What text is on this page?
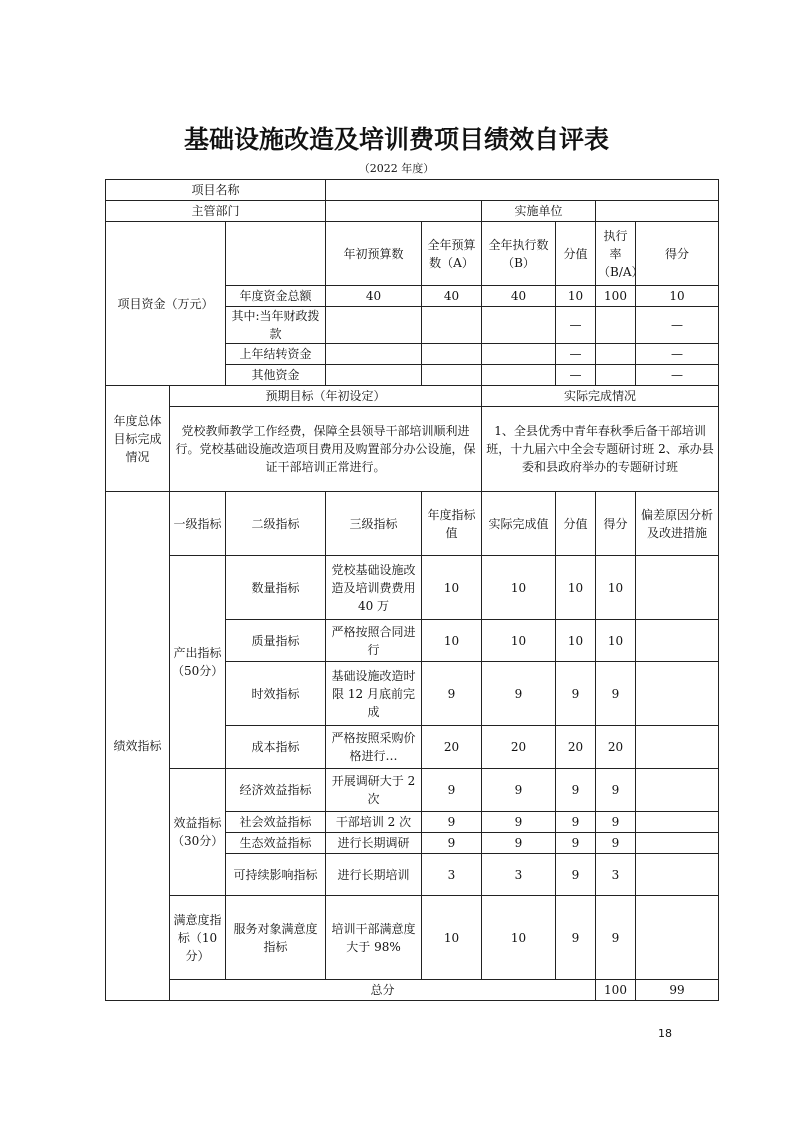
基础设施改造及培训费项目绩效自评表
（2022 年度）
项目名称									
主管部门					实施单位				
项目资金（万元）			年初预算数	全年预算数（A）	全年执行数（B）	分值	执行率（B/A）	得分	
		年度资金总额	40	40	40	10	100	10	
		其中:当年财政拨款				—		—	
		上年结转资金				—		—	
		其他资金				—		—	
年度总体目标完成情况	预期目标（年初设定）				实际完成情况				
	党校教师教学工作经费，保障全县领导干部培训顺利进行。党校基础设施改造项目费用及购置部分办公设施，保证干部培训正常进行。				1、全县优秀中青年春秋季后备干部培训班，十九届六中全会专题研讨班 2、承办县委和县政府举办的专题研讨班				
绩效指标	一级指标	二级指标	三级指标	年度指标值	实际完成值	分值	得分	偏差原因分析及改进措施	
	产出指标（50分）	数量指标	党校基础设施改造及培训费费用40 万	10	10	10	10		
		质量指标	严格按照合同进行	10	10	10	10		
		时效指标	基础设施改造时限 12 月底前完成	9	9	9	9		
		成本指标	严格按照采购价格进行…	20	20	20	20		
	效益指标（30分）	经济效益指标	开展调研大于 2次	9	9	9	9		
		社会效益指标	干部培训 2 次	9	9	9	9		
		生态效益指标	进行长期调研	9	9	9	9		
		可持续影响指标	进行长期培训	3	3	9	3		
	满意度指标（10分）	服务对象满意度指标	培训干部满意度大于 98%	10	10	9	9		
	总分						100	99	
18
